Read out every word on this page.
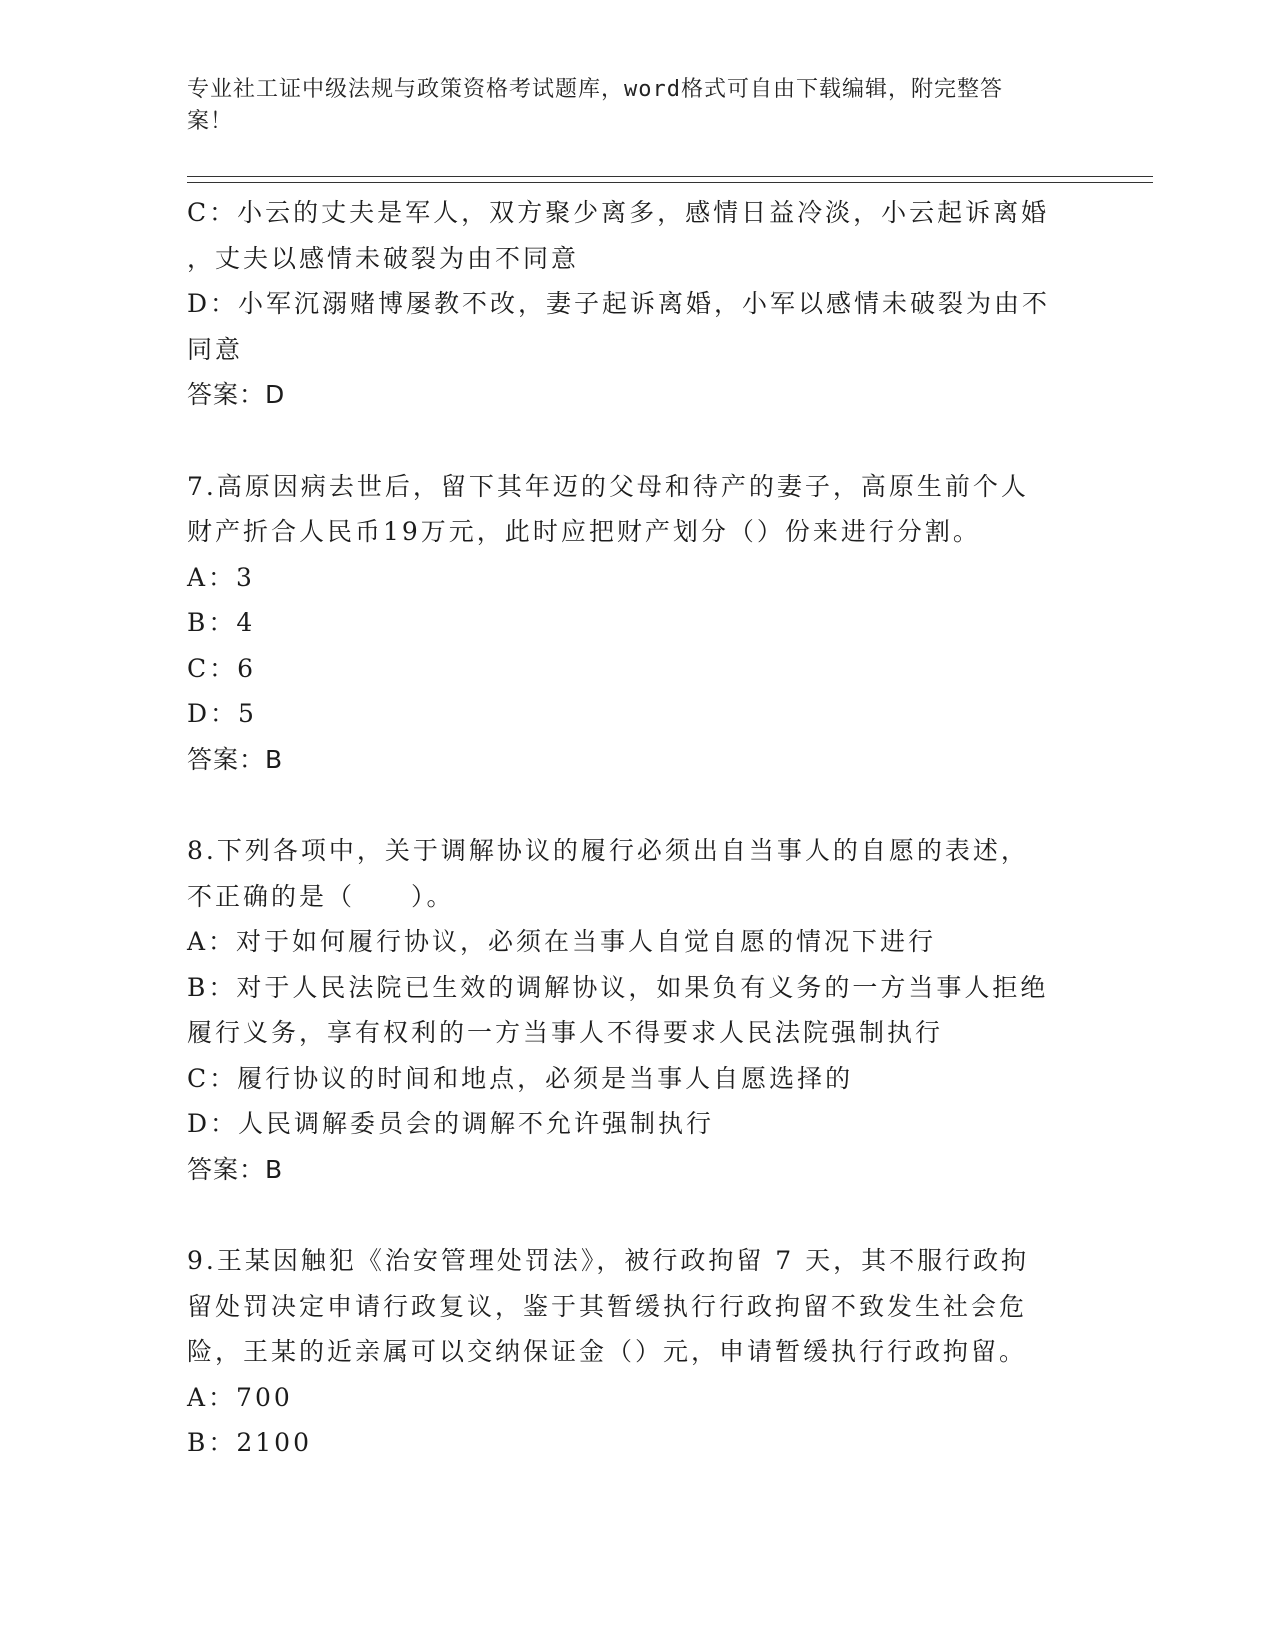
专业社工证中级法规与政策资格考试题库，word格式可自由下载编辑，附完整答
案！
C：小云的丈夫是军人，双方聚少离多，感情日益冷淡，小云起诉离婚
，丈夫以感情未破裂为由不同意
D：小军沉溺赌博屡教不改，妻子起诉离婚，小军以感情未破裂为由不
同意
答案：D
7.高原因病去世后，留下其年迈的父母和待产的妻子，高原生前个人
财产折合人民币19万元，此时应把财产划分（）份来进行分割。
A：3
B：4
C：6
D：5
答案：B
8.下列各项中，关于调解协议的履行必须出自当事人的自愿的表述，
不正确的是（　　）。
A：对于如何履行协议，必须在当事人自觉自愿的情况下进行
B：对于人民法院已生效的调解协议，如果负有义务的一方当事人拒绝
履行义务，享有权利的一方当事人不得要求人民法院强制执行
C：履行协议的时间和地点，必须是当事人自愿选择的
D：人民调解委员会的调解不允许强制执行
答案：B
9.王某因触犯《治安管理处罚法》，被行政拘留 7 天，其不服行政拘
留处罚决定申请行政复议，鉴于其暂缓执行行政拘留不致发生社会危
险，王某的近亲属可以交纳保证金（）元，申请暂缓执行行政拘留。
A：700
B：2100
